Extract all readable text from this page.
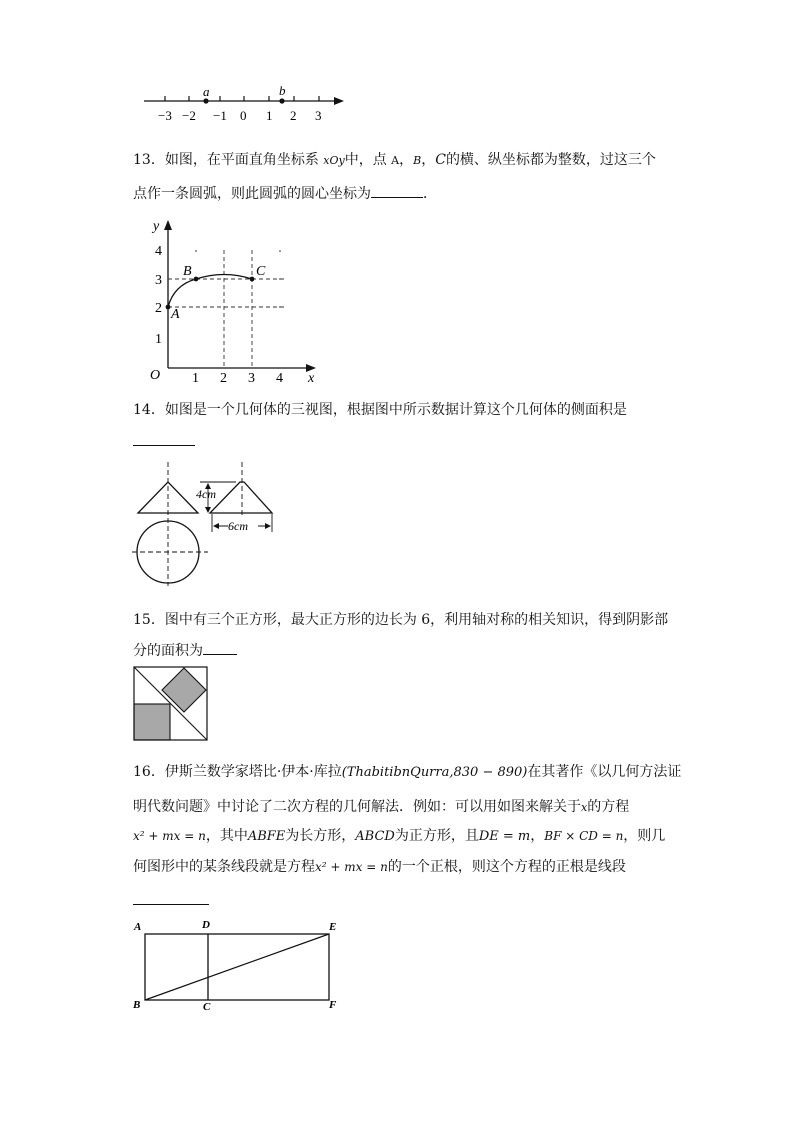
a	b
−3 −2 −1 0 1 2 3
13．如图，在平面直角坐标系 xOy中，点 A，B，C的横、纵坐标都为整数，过这三个
点作一条圆弧，则此圆弧的圆心坐标为	．
y
x
O 1 2 3 4
1
2
3
4
A
B	C
14．如图是一个几何体的三视图，根据图中所示数据计算这个几何体的侧面积是
4cm
6cm
15．图中有三个正方形，最大正方形的边长为 6，利用轴对称的相关知识，得到阴影部
分的面积为
16．伊斯兰数学家塔比·伊本·库拉(ThabitibnQurra,830 − 890)在其著作《以几何方法证
明代数问题》中讨论了二次方程的几何解法．例如：可以用如图来解关于x的方程
x² + mx = n，其中ABFE为长方形，ABCD为正方形，且DE = m，BF × CD = n，则几
何图形中的某条线段就是方程x² + mx = n的一个正根，则这个方程的正根是线段
A	D	E
B	C	F
